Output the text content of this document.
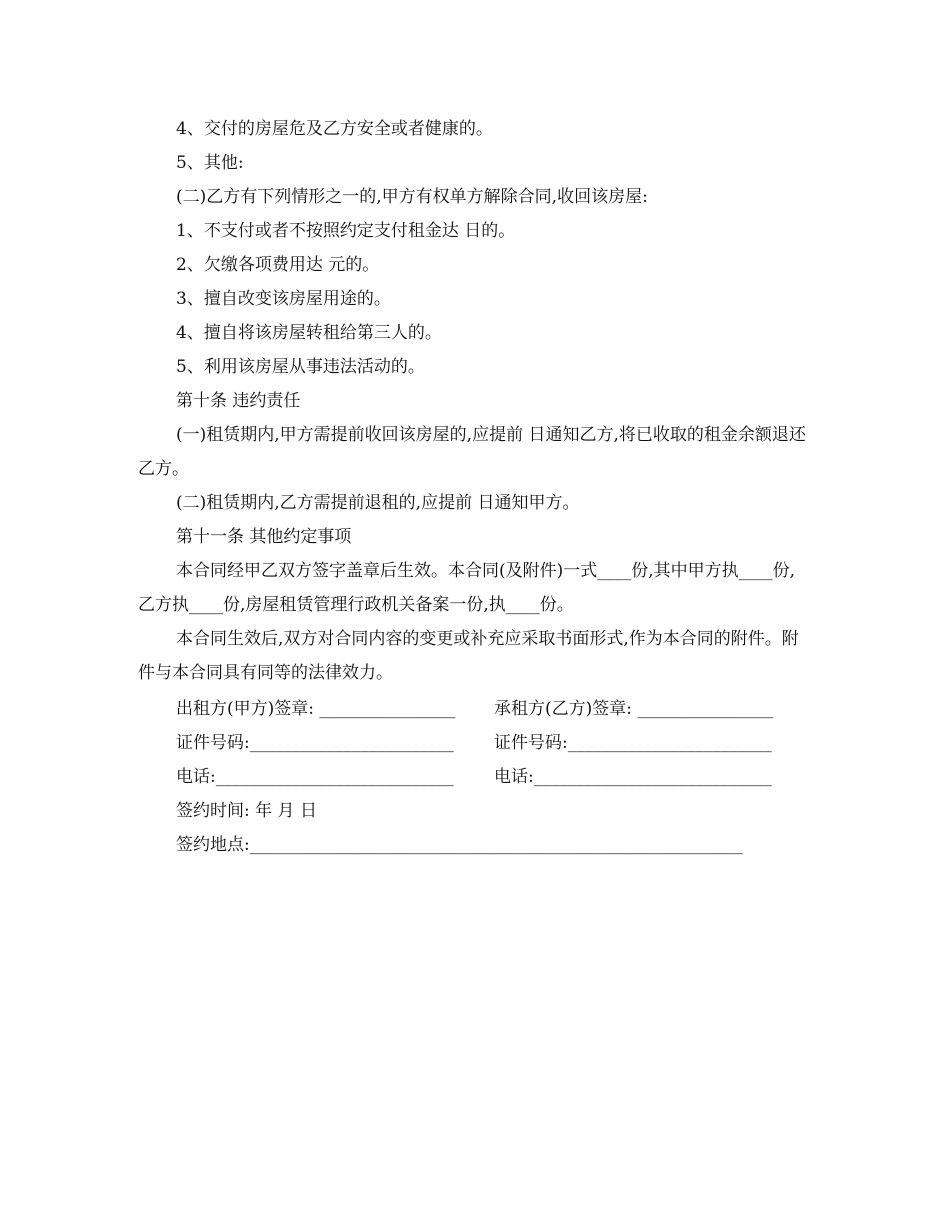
4、交付的房屋危及乙方安全或者健康的。

5、其他:

(二)乙方有下列情形之一的,甲方有权单方解除合同,收回该房屋:

1、不支付或者不按照约定支付租金达 日的。

2、欠缴各项费用达 元的。

3、擅自改变该房屋用途的。

4、擅自将该房屋转租给第三人的。

5、利用该房屋从事违法活动的。

第十条 违约责任

(一)租赁期内,甲方需提前收回该房屋的,应提前 日通知乙方,将已收取的租金余额退还乙方。

(二)租赁期内,乙方需提前退租的,应提前 日通知甲方。

第十一条 其他约定事项

本合同经甲乙双方签字盖章后生效。本合同(及附件)一式____份,其中甲方执____份,乙方执____份,房屋租赁管理行政机关备案一份,执____份。

本合同生效后,双方对合同内容的变更或补充应采取书面形式,作为本合同的附件。附件与本合同具有同等的法律效力。

出租方(甲方)签章: ________________

承租方(乙方)签章: ________________

证件号码:________________________

证件号码:________________________

电话:____________________________

电话:____________________________

签约时间: 年 月 日

签约地点:__________________________________________________________
